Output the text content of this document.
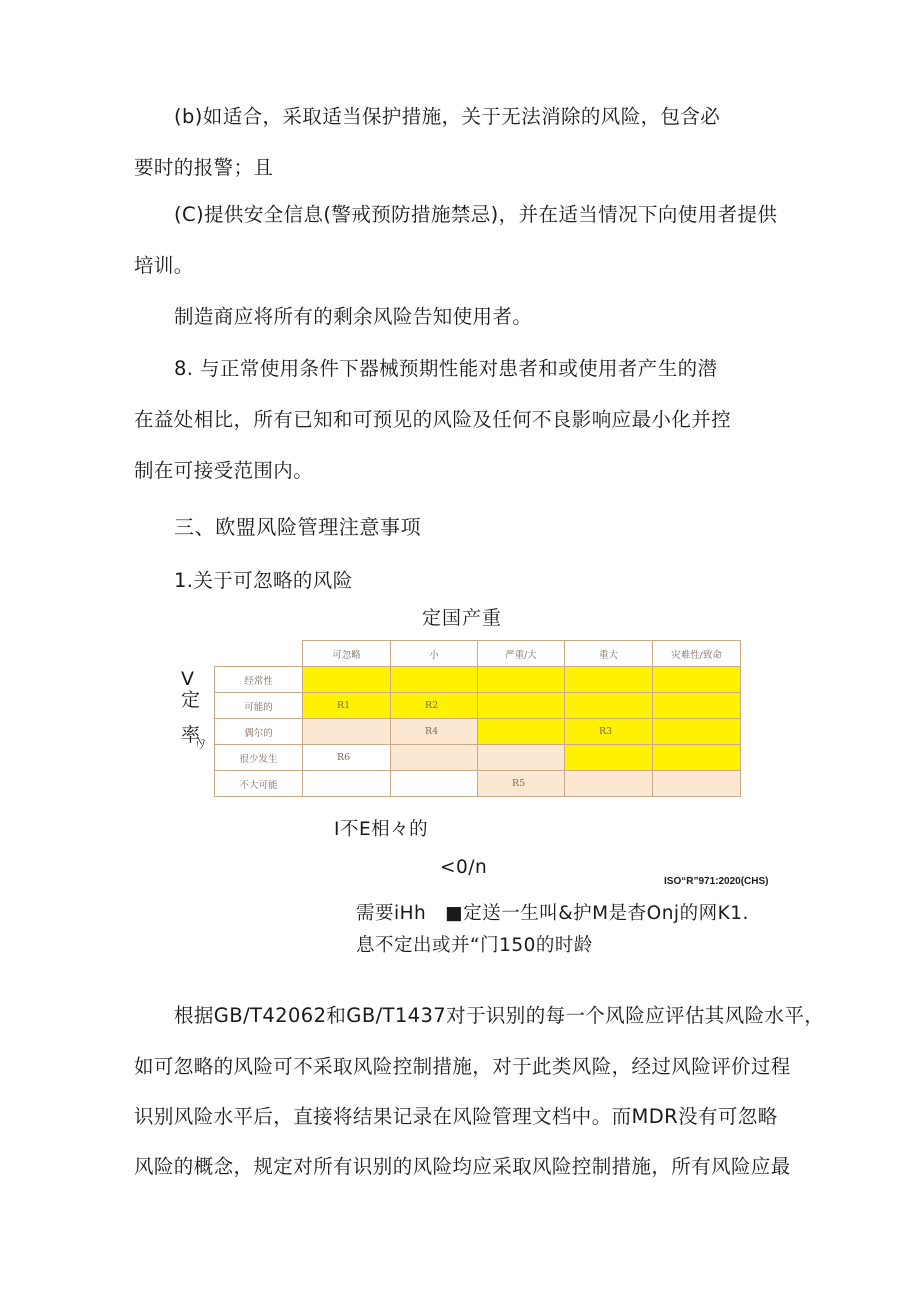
(b)如适合，采取适当保护措施，关于无法消除的风险，包含必
要时的报警；且
(C)提供安全信息(警戒预防措施禁忌)，并在适当情况下向使用者提供
培训。
制造商应将所有的剩余风险告知使用者。
8. 与正常使用条件下器械预期性能对患者和或使用者产生的潜
在益处相比，所有已知和可预见的风险及任何不良影响应最小化并控
制在可接受范围内。
三、欧盟风险管理注意事项
1.关于可忽略的风险
定国产重
V
定
率
少
	可忽略	小	严重/大	重大	灾难性/致命
经常性					
可能的	R1	R2			
偶尔的		R4		R3	
很少发生	R6				
不大可能			R5		
I不E相々的
<0/n
ISO“R”971:2020(CHS)
需要iHh　■定送一生叫&护M是杳Onj的网K1.
息不定出或并“门150的时龄
根据GB/T42062和GB/T1437对于识别的每一个风险应评估其风险水平，
如可忽略的风险可不采取风险控制措施，对于此类风险，经过风险评价过程
识别风险水平后，直接将结果记录在风险管理文档中。而MDR没有可忽略
风险的概念，规定对所有识别的风险均应采取风险控制措施，所有风险应最
